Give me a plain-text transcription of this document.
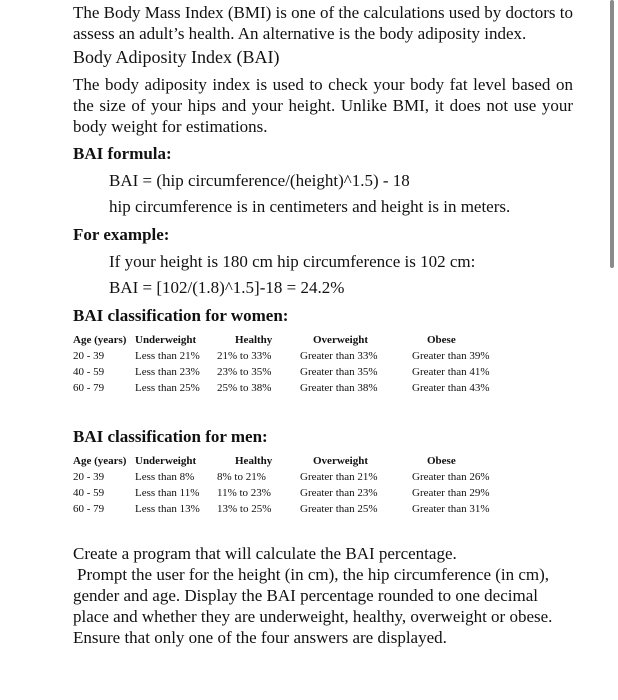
The Body Mass Index (BMI) is one of the calculations used by doctors to assess an adult’s health. An alternative is the body adiposity index.

Body Adiposity Index (BAI)

The body adiposity index is used to check your body fat level based on the size of your hips and your height. Unlike BMI, it does not use your body weight for estimations.

BAI formula:
BAI = (hip circumference/(height)^1.5) - 18
hip circumference is in centimeters and height is in meters.
For example:
If your height is 180 cm hip circumference is 102 cm:
BAI = [102/(1.8)^1.5]-18 = 24.2%
BAI classification for women:
Age (years)	Underweight	Healthy	Overweight	Obese
20 - 39	Less than 21%	21% to 33%	Greater than 33%	Greater than 39%
40 - 59	Less than 23%	23% to 35%	Greater than 35%	Greater than 41%
60 - 79	Less than 25%	25% to 38%	Greater than 38%	Greater than 43%
BAI classification for men:
Age (years)	Underweight	Healthy	Overweight	Obese
20 - 39	Less than 8%	8% to 21%	Greater than 21%	Greater than 26%
40 - 59	Less than 11%	11% to 23%	Greater than 23%	Greater than 29%
60 - 79	Less than 13%	13% to 25%	Greater than 25%	Greater than 31%

Create a program that will calculate the BAI percentage.
Prompt the user for the height (in cm), the hip circumference (in cm), gender and age. Display the BAI percentage rounded to one decimal place and whether they are underweight, healthy, overweight or obese. Ensure that only one of the four answers are displayed.
